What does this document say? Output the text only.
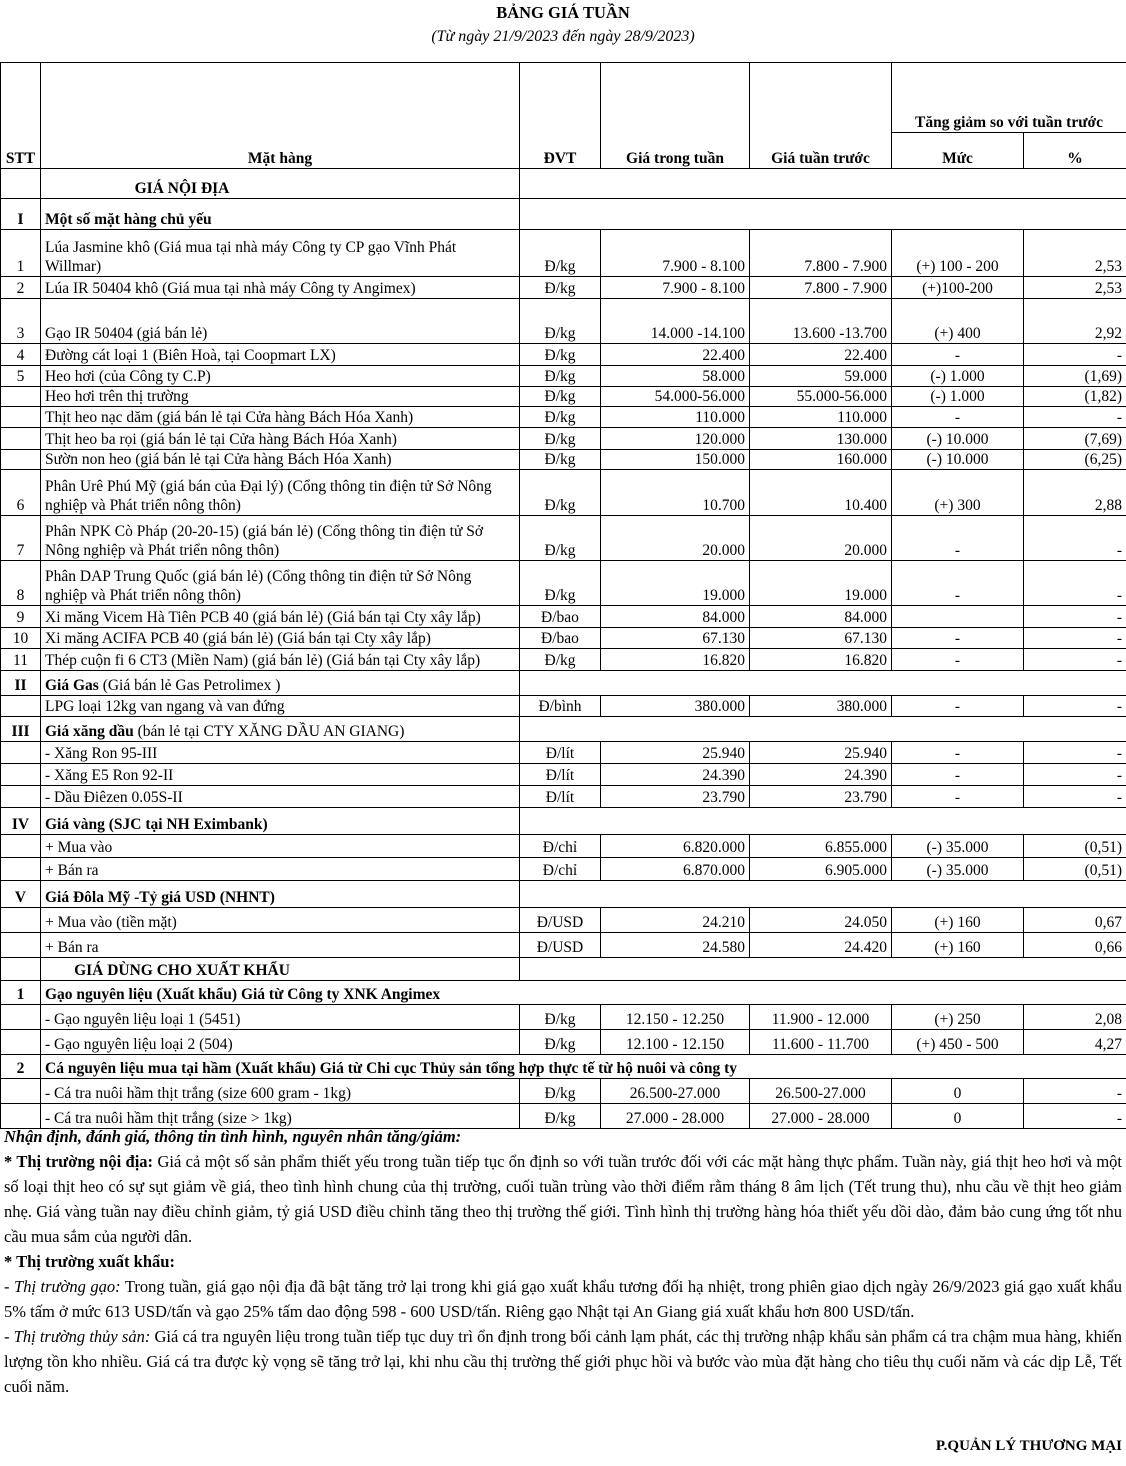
BẢNG GIÁ TUẦN
(Từ ngày 21/9/2023 đến ngày 28/9/2023)
STT	Mặt hàng	ĐVT	Giá trong tuần	Giá tuần trước	Tăng giảm so với tuần trước	
					Mức	%
	GIÁ NỘI ĐỊA					
I	Một số mặt hàng chủ yếu					
1	Lúa Jasmine khô (Giá mua tại nhà máy Công ty CP gạo Vĩnh Phát Willmar)	Đ/kg	7.900 - 8.100	7.800 - 7.900	(+) 100 - 200	2,53
2	Lúa IR 50404 khô (Giá mua tại nhà máy Công ty Angimex)	Đ/kg	7.900 - 8.100	7.800 - 7.900	(+)100-200	2,53
3	Gạo IR 50404 (giá bán lẻ)	Đ/kg	14.000 -14.100	13.600 -13.700	(+) 400	2,92
4	Đường cát loại 1 (Biên Hoà, tại Coopmart LX)	Đ/kg	22.400	22.400	-	-
5	Heo hơi (của Công ty C.P)	Đ/kg	58.000	59.000	(-) 1.000	(1,69)
	Heo hơi trên thị trường	Đ/kg	54.000-56.000	55.000-56.000	(-) 1.000	(1,82)
	Thịt heo nạc dăm (giá bán lẻ tại Cửa hàng Bách Hóa Xanh)	Đ/kg	110.000	110.000	-	-
	Thịt heo ba rọi (giá bán lẻ tại Cửa hàng Bách Hóa Xanh)	Đ/kg	120.000	130.000	(-) 10.000	(7,69)
	Sườn non heo (giá bán lẻ tại Cửa hàng Bách Hóa Xanh)	Đ/kg	150.000	160.000	(-) 10.000	(6,25)
6	Phân Urê Phú Mỹ (giá bán của Đại lý) (Cổng thông tin điện tử Sở Nông nghiệp và Phát triển nông thôn)	Đ/kg	10.700	10.400	(+) 300	2,88
7	Phân NPK Cò Pháp (20-20-15) (giá bán lẻ) (Cổng thông tin điện tử Sở Nông nghiệp và Phát triển nông thôn)	Đ/kg	20.000	20.000	-	-
8	Phân DAP Trung Quốc (giá bán lẻ) (Cổng thông tin điện tử Sở Nông nghiệp và Phát triển nông thôn)	Đ/kg	19.000	19.000	-	-
9	Xi măng Vicem Hà Tiên PCB 40 (giá bán lẻ) (Giá bán tại Cty xây lắp)	Đ/bao	84.000	84.000		-
10	Xi măng ACIFA PCB 40 (giá bán lẻ) (Giá bán tại Cty xây lắp)	Đ/bao	67.130	67.130	-	-
11	Thép cuộn fi 6 CT3 (Miền Nam) (giá bán lẻ) (Giá bán tại Cty xây lắp)	Đ/kg	16.820	16.820	-	-
II	Giá Gas (Giá bán lẻ Gas Petrolimex )					
	LPG loại 12kg van ngang và van đứng	Đ/bình	380.000	380.000	-	-
III	Giá xăng dầu (bán lẻ tại CTY XĂNG DẦU AN GIANG)					
	- Xăng Ron 95-III	Đ/lít	25.940	25.940	-	-
	- Xăng E5 Ron 92-II	Đ/lít	24.390	24.390	-	-
	- Dầu Điêzen 0.05S-II	Đ/lít	23.790	23.790	-	-
IV	Giá vàng (SJC tại NH Eximbank)					
	+ Mua vào	Đ/chỉ	6.820.000	6.855.000	(-) 35.000	(0,51)
	+ Bán ra	Đ/chỉ	6.870.000	6.905.000	(-) 35.000	(0,51)
V	Giá Đôla Mỹ -Tỷ giá USD (NHNT)					
	+ Mua vào (tiền mặt)	Đ/USD	24.210	24.050	(+) 160	0,67
	+ Bán ra	Đ/USD	24.580	24.420	(+) 160	0,66
	GIÁ DÙNG CHO XUẤT KHẨU					
1	Gạo nguyên liệu (Xuất khẩu) Giá từ Công ty XNK Angimex					
	- Gạo nguyên liệu loại 1 (5451)	Đ/kg	12.150 - 12.250	11.900 - 12.000	(+) 250	2,08
	- Gạo nguyên liệu loại 2 (504)	Đ/kg	12.100 - 12.150	11.600 - 11.700	(+) 450 - 500	4,27
2	Cá nguyên liệu mua tại hầm (Xuất khẩu) Giá từ Chi cục Thủy sản tổng hợp thực tế từ hộ nuôi và công ty					
	- Cá tra nuôi hầm thịt trắng (size 600 gram - 1kg)	Đ/kg	26.500-27.000	26.500-27.000	0	-
	- Cá tra nuôi hầm thịt trắng (size > 1kg)	Đ/kg	27.000 - 28.000	27.000 - 28.000	0	-

Nhận định, đánh giá, thông tin tình hình, nguyên nhân tăng/giảm:

* Thị trường nội địa: Giá cả một số sản phẩm thiết yếu trong tuần tiếp tục ổn định so với tuần trước đối với các mặt hàng thực phẩm. Tuần này, giá thịt heo hơi và một số loại thịt heo có sự sụt giảm về giá, theo tình hình chung của thị trường, cuối tuần trùng vào thời điểm rằm tháng 8 âm lịch (Tết trung thu), nhu cầu về thịt heo giảm nhẹ. Giá vàng tuần nay điều chỉnh giảm, tỷ giá USD điều chỉnh tăng theo thị trường thế giới. Tình hình thị trường hàng hóa thiết yếu dồi dào, đảm bảo cung ứng tốt nhu cầu mua sắm của người dân.

* Thị trường xuất khẩu:

- Thị trường gạo: Trong tuần, giá gạo nội địa đã bật tăng trở lại trong khi giá gạo xuất khẩu tương đối hạ nhiệt, trong phiên giao dịch ngày 26/9/2023 giá gạo xuất khẩu 5% tấm ở mức 613 USD/tấn và gạo 25% tấm dao động 598 - 600 USD/tấn. Riêng gạo Nhật tại An Giang giá xuất khẩu hơn 800 USD/tấn.

- Thị trường thủy sản: Giá cá tra nguyên liệu trong tuần tiếp tục duy trì ổn định trong bối cảnh lạm phát, các thị trường nhập khẩu sản phẩm cá tra chậm mua hàng, khiến lượng tồn kho nhiều. Giá cá tra được kỳ vọng sẽ tăng trở lại, khi nhu cầu thị trường thế giới phục hồi và bước vào mùa đặt hàng cho tiêu thụ cuối năm và các dịp Lễ, Tết cuối năm.

P.QUẢN LÝ THƯƠNG MẠI
